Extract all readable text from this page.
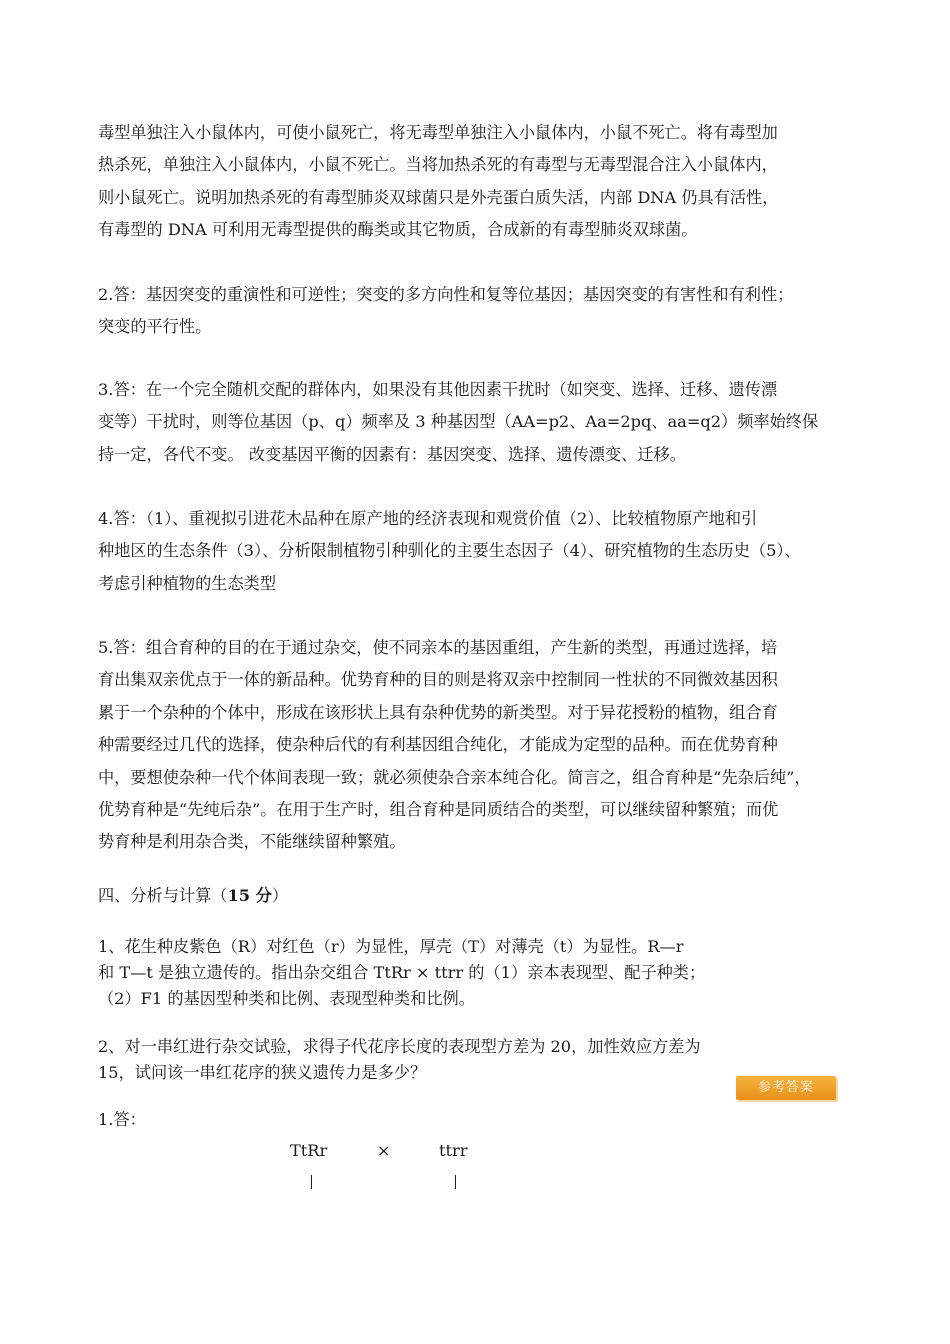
毒型单独注入小鼠体内，可使小鼠死亡，将无毒型单独注入小鼠体内，小鼠不死亡。将有毒型加

热杀死，单独注入小鼠体内，小鼠不死亡。当将加热杀死的有毒型与无毒型混合注入小鼠体内，

则小鼠死亡。说明加热杀死的有毒型肺炎双球菌只是外壳蛋白质失活，内部 DNA 仍具有活性，

有毒型的 DNA 可利用无毒型提供的酶类或其它物质，合成新的有毒型肺炎双球菌。

2.答：基因突变的重演性和可逆性；突变的多方向性和复等位基因；基因突变的有害性和有利性；

突变的平行性。

3.答：在一个完全随机交配的群体内，如果没有其他因素干扰时（如突变、选择、迁移、遗传漂

变等）干扰时，则等位基因（p、q）频率及 3 种基因型（AA=p2、Aa=2pq、aa=q2）频率始终保

持一定，各代不变。 改变基因平衡的因素有：基因突变、选择、遗传漂变、迁移。

4.答：（1）、重视拟引进花木品种在原产地的经济表现和观赏价值（2）、比较植物原产地和引

种地区的生态条件（3）、分析限制植物引种驯化的主要生态因子（4）、研究植物的生态历史（5）、

考虑引种植物的生态类型

5.答：组合育种的目的在于通过杂交，使不同亲本的基因重组，产生新的类型，再通过选择，培

育出集双亲优点于一体的新品种。优势育种的目的则是将双亲中控制同一性状的不同微效基因积

累于一个杂种的个体中，形成在该形状上具有杂种优势的新类型。对于异花授粉的植物，组合育

种需要经过几代的选择，使杂种后代的有利基因组合纯化，才能成为定型的品种。而在优势育种

中，要想使杂种一代个体间表现一致；就必须使杂合亲本纯合化。简言之，组合育种是“先杂后纯”，

优势育种是“先纯后杂”。在用于生产时，组合育种是同质结合的类型，可以继续留种繁殖；而优

势育种是利用杂合类，不能继续留种繁殖。

四、分析与计算（15 分）
1、花生种皮紫色（R）对红色（r）为显性，厚壳（T）对薄壳（t）为显性。R—r
和 T—t 是独立遗传的。指出杂交组合 TtRr × ttrr 的（1）亲本表现型、配子种类；
（2）F1 的基因型种类和比例、表现型种类和比例。
2、对一串红进行杂交试验，求得子代花序长度的表现型方差为 20，加性效应方差为
15，试问该一串红花序的狭义遗传力是多少？
参考答案
1.答：
TtRr	×	ttrr
